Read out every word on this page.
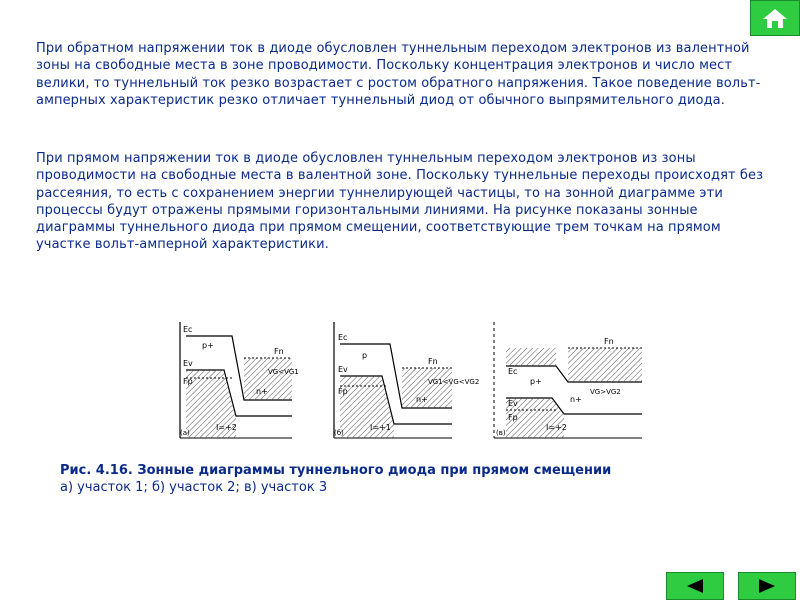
При обратном напряжении ток в диоде обусловлен туннельным переходом электронов из валентной зоны на свободные места в зоне проводимости. Поскольку концентрация электронов и число мест велики, то туннельный ток резко возрастает с ростом обратного напряжения. Такое поведение вольт-амперных характеристик резко отличает туннельный диод от обычного выпрямительного диода.

При прямом напряжении ток в диоде обусловлен туннельным переходом электронов из зоны проводимости на свободные места в валентной зоне. Поскольку туннельные переходы происходят без рассеяния, то есть с сохранением энергии туннелирующей частицы, то на зонной диаграмме эти процессы будут отражены прямыми горизонтальными линиями. На рисунке показаны зонные диаграммы туннельного диода при прямом смещении, соответствующие трем точкам на прямом участке вольт-амперной характеристики.

Ec
Ev
Fp
Fn
p+
n+
VG<VG1
I=+2
(a)
Ec
Ev
Fp
Fn
p
n+
VG1<VG<VG2
I=+1
(б)
Ec
Ev
Fp
Fn
p+
n+
VG>VG2
I=+2
(в)
Рис. 4.16. Зонные диаграммы туннельного диода при прямом смещении
а) участок 1; б) участок 2; в) участок 3
